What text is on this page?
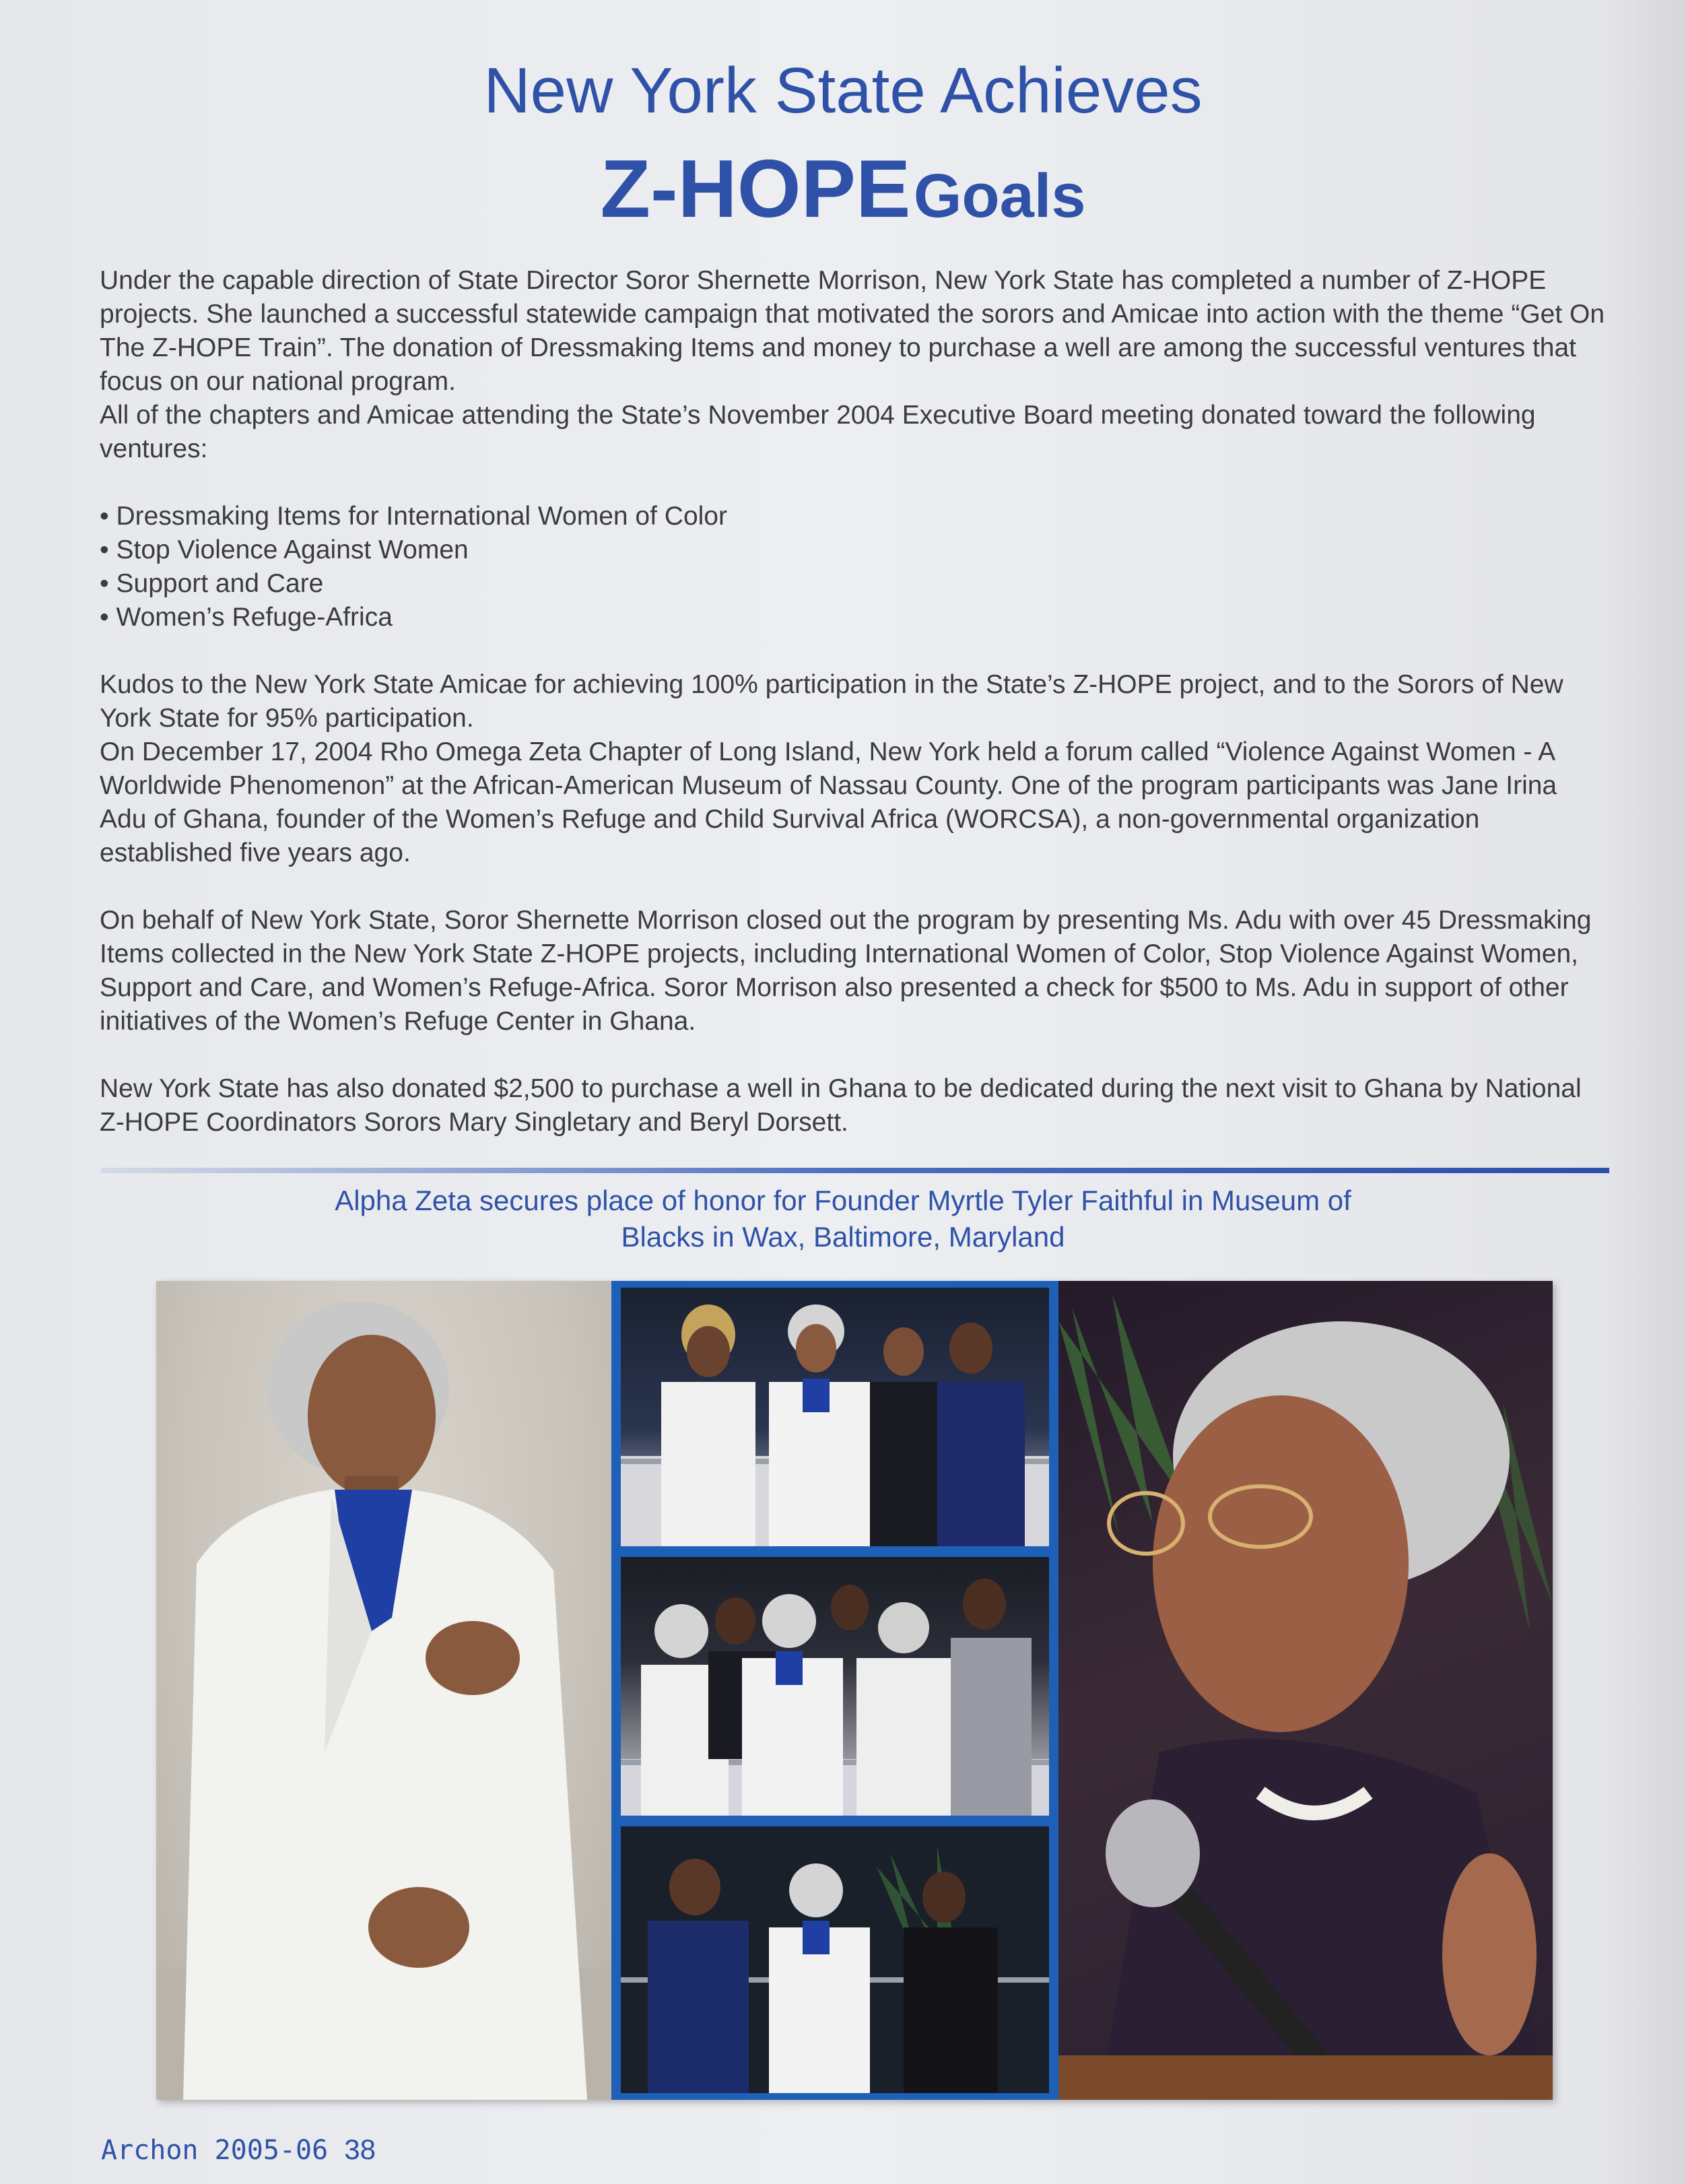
New York State Achieves
Z-HOPE Goals

Under the capable direction of State Director Soror Shernette Morrison, New York State has completed a number of Z-HOPE projects. She launched a successful statewide campaign that motivated the sorors and Amicae into action with the theme “Get On The Z-HOPE Train”. The donation of Dressmaking Items and money to purchase a well are among the successful ventures that focus on our national program.

All of the chapters and Amicae attending the State’s November 2004 Executive Board meeting donated toward the following ventures:

• Dressmaking Items for International Women of Color
• Stop Violence Against Women
• Support and Care
• Women’s Refuge-Africa

Kudos to the New York State Amicae for achieving 100% participation in the State’s Z-HOPE project, and to the Sorors of New York State for 95% participation.

On December 17, 2004 Rho Omega Zeta Chapter of Long Island, New York held a forum called “Violence Against Women - A Worldwide Phenomenon” at the African-American Museum of Nassau County. One of the program participants was Jane Irina Adu of Ghana, founder of the Women’s Refuge and Child Survival Africa (WORCSA), a non-governmental organization established five years ago.

On behalf of New York State, Soror Shernette Morrison closed out the program by presenting Ms. Adu with over 45 Dressmaking Items collected in the New York State Z-HOPE projects, including International Women of Color, Stop Violence Against Women, Support and Care, and Women’s Refuge-Africa. Soror Morrison also presented a check for $500 to Ms. Adu in support of other initiatives of the Women’s Refuge Center in Ghana.

New York State has also donated $2,500 to purchase a well in Ghana to be dedicated during the next visit to Ghana by National Z-HOPE Coordinators Sorors Mary Singletary and Beryl Dorsett.

Alpha Zeta secures place of honor for Founder Myrtle Tyler Faithful in Museum of
Blacks in Wax, Baltimore, Maryland
Archon 2005-06 38
